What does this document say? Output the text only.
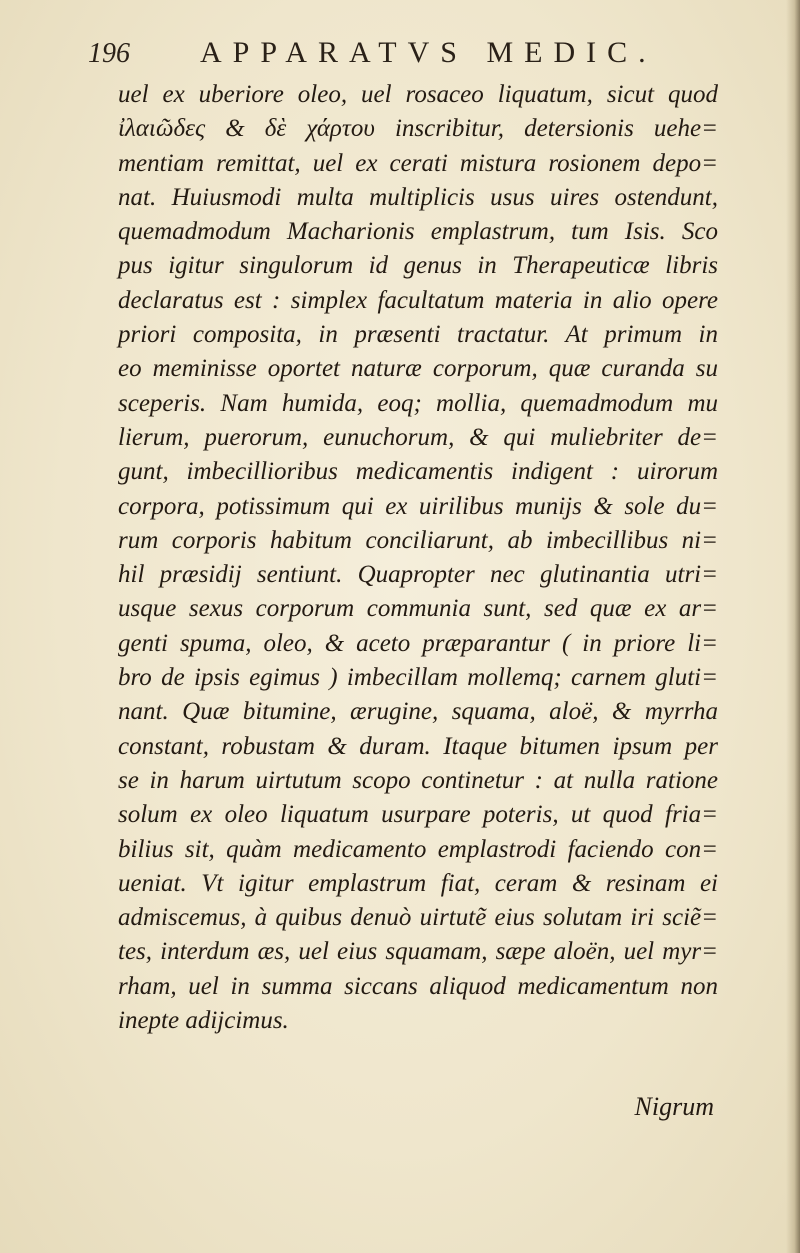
196 APPARATVS MEDIC.
uel ex uberiore oleo, uel rosaceo liquatum, sicut quod
ἰλαιῶδες & δὲ χάρτου inscribitur, detersionis uehe=
mentiam remittat, uel ex cerati mistura rosionem depo=
nat. Huiusmodi multa multiplicis usus uires ostendunt,
quemadmodum Macharionis emplastrum, tum Isis. Sco
pus igitur singulorum id genus in Therapeuticæ libris
declaratus est : simplex facultatum materia in alio opere
priori composita, in præsenti tractatur. At primum in
eo meminisse oportet naturæ corporum, quæ curanda su
sceperis. Nam humida, eoq; mollia, quemadmodum mu
lierum, puerorum, eunuchorum, & qui muliebriter de=
gunt, imbecillioribus medicamentis indigent : uirorum
corpora, potissimum qui ex uirilibus munijs & sole du=
rum corporis habitum conciliarunt, ab imbecillibus ni=
hil præsidij sentiunt. Quapropter nec glutinantia utri=
usque sexus corporum communia sunt, sed quæ ex ar=
genti spuma, oleo, & aceto præparantur ( in priore li=
bro de ipsis egimus ) imbecillam mollemq; carnem gluti=
nant. Quæ bitumine, ærugine, squama, aloë, & myrrha
constant, robustam & duram. Itaque bitumen ipsum per
se in harum uirtutum scopo continetur : at nulla ratione
solum ex oleo liquatum usurpare poteris, ut quod fria=
bilius sit, quàm medicamento emplastrodi faciendo con=
ueniat. Vt igitur emplastrum fiat, ceram & resinam ei
admiscemus, à quibus denuò uirtutẽ eius solutam iri sciẽ=
tes, interdum æs, uel eius squamam, sæpe aloën, uel myr=
rham, uel in summa siccans aliquod medicamentum non
inepte adijcimus.
Nigrum
